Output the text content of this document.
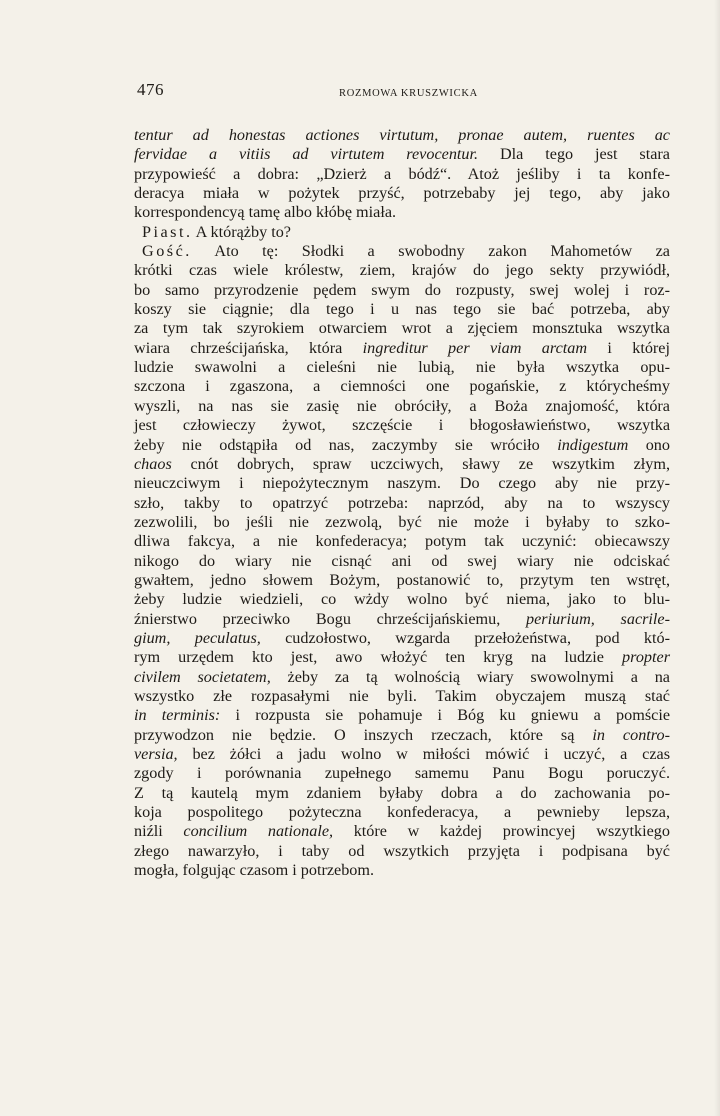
476	ROZMOWA KRUSZWICKA
tentur ad honestas actiones virtutum, pronae autem, ruentes ac
fervidae a vitiis ad virtutem revocentur. Dla tego jest stara
przypowieść a dobra: „Dzierż a bódź“. Atoż jeśliby i ta konfe-
deracya miała w pożytek przyść, potrzebaby jej tego, aby jako
korrespondencyą tamę albo kłóbę miała.
Piast. A którążby to?
Gość. Ato tę: Słodki a swobodny zakon Mahometów za
krótki czas wiele królestw, ziem, krajów do jego sekty przywiódł,
bo samo przyrodzenie pędem swym do rozpusty, swej wolej i roz-
koszy sie ciągnie; dla tego i u nas tego sie bać potrzeba, aby
za tym tak szyrokiem otwarciem wrot a zjęciem monsztuka wszytka
wiara chrześcijańska, która ingreditur per viam arctam i której
ludzie swawolni a cieleśni nie lubią, nie była wszytka opu-
szczona i zgaszona, a ciemności one pogańskie, z którycheśmy
wyszli, na nas sie zasię nie obróciły, a Boża znajomość, która
jest człowieczy żywot, szczęście i błogosławieństwo, wszytka
żeby nie odstąpiła od nas, zaczymby sie wróciło indigestum ono
chaos cnót dobrych, spraw uczciwych, sławy ze wszytkim złym,
nieuczciwym i niepożytecznym naszym. Do czego aby nie przy-
szło, takby to opatrzyć potrzeba: naprzód, aby na to wszyscy
zezwolili, bo jeśli nie zezwolą, być nie może i byłaby to szko-
dliwa fakcya, a nie konfederacya; potym tak uczynić: obiecawszy
nikogo do wiary nie cisnąć ani od swej wiary nie odciskać
gwałtem, jedno słowem Bożym, postanowić to, przytym ten wstręt,
żeby ludzie wiedzieli, co wżdy wolno być niema, jako to blu-
źnierstwo przeciwko Bogu chrześcijańskiemu, periurium, sacrile-
gium, peculatus, cudzołostwo, wzgarda przełożeństwa, pod któ-
rym urzędem kto jest, awo włożyć ten kryg na ludzie propter
civilem societatem, żeby za tą wolnością wiary swowolnymi a na
wszystko złe rozpasałymi nie byli. Takim obyczajem muszą stać
in terminis: i rozpusta sie pohamuje i Bóg ku gniewu a pomście
przywodzon nie będzie. O inszych rzeczach, które są in contro-
versia, bez żółci a jadu wolno w miłości mówić i uczyć, a czas
zgody i porównania zupełnego samemu Panu Bogu poruczyć.
Z tą kautelą mym zdaniem byłaby dobra a do zachowania po-
koja pospolitego pożyteczna konfederacya, a pewnieby lepsza,
niźli concilium nationale, które w każdej prowincyej wszytkiego
złego nawarzyło, i taby od wszytkich przyjęta i podpisana być
mogła, folgując czasom i potrzebom.
